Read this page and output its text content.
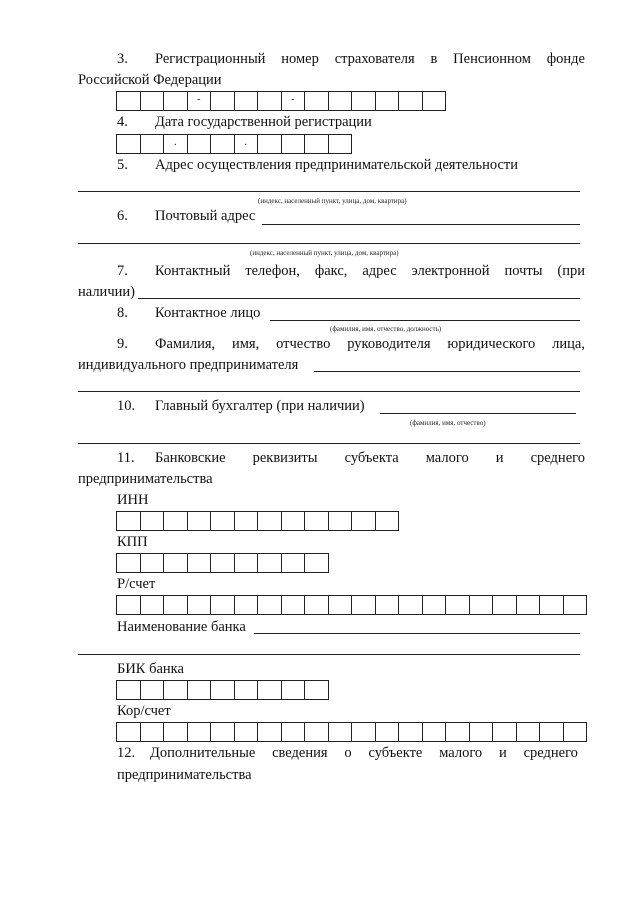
3. Регистрационный номер страхователя в Пенсионном фонде
Российской Федерации
-	-
4. Дата государственной регистрации
.	.
5. Адрес осуществления предпринимательской деятельности
(индекс, населенный пункт, улица, дом, квартира)
6. Почтовый адрес
(индекс, населенный пункт, улица, дом, квартира)
7. Контактный телефон, факс, адрес электронной почты (при
наличии)
8. Контактное лицо
(фамилия, имя, отчество, должность)
9. Фамилия, имя, отчество руководителя юридического лица,
индивидуального предпринимателя
10. Главный бухгалтер (при наличии)
(фамилия, имя, отчество)
11. Банковские реквизиты субъекта малого и среднего
предпринимательства
ИНН
КПП
Р/счет
Наименование банка
БИК банка
Кор/счет
12. Дополнительные сведения о субъекте малого и среднего
предпринимательства
